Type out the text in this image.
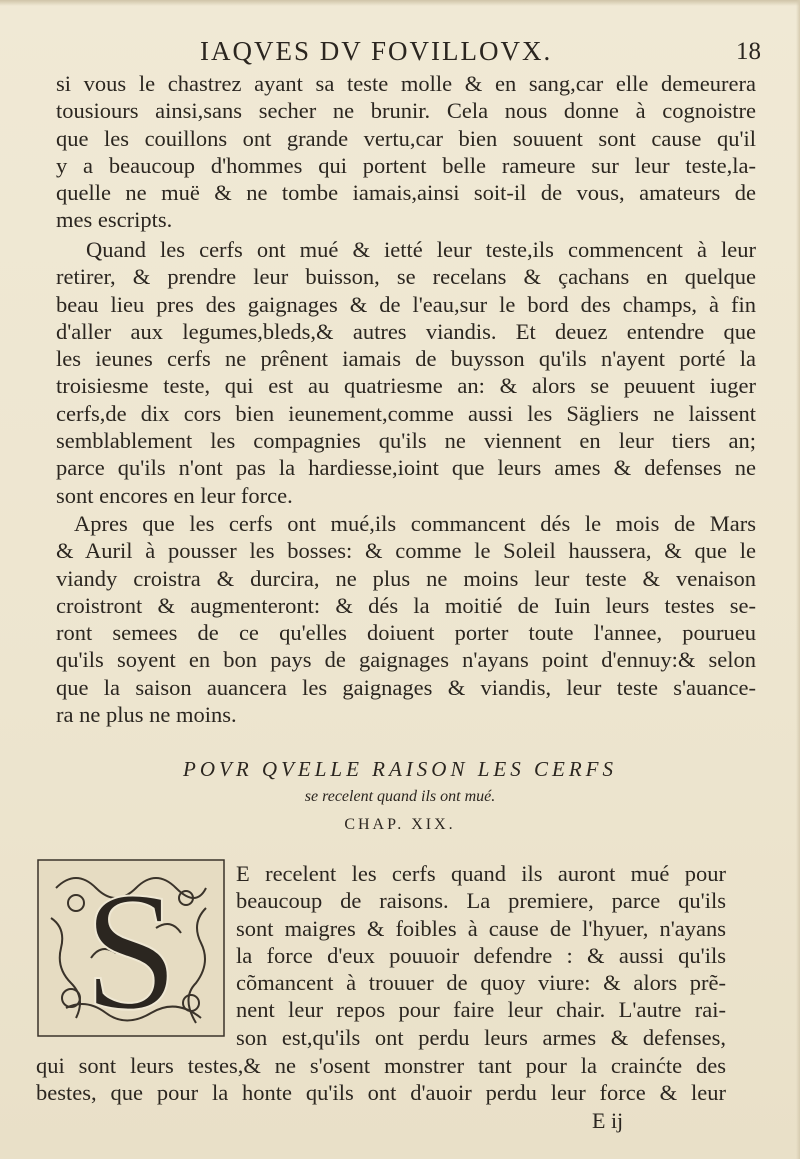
IAQVES DV FOVILLOVX.	18
si vous le chastrez ayant sa teste molle & en sang,car elle demeurera
tousiours ainsi,sans secher ne brunir. Cela nous donne à cognoistre
que les couillons ont grande vertu,car bien souuent sont cause qu'il
y a beaucoup d'hommes qui portent belle rameure sur leur teste,la-
quelle ne muë & ne tombe iamais,ainsi soit-il de vous, amateurs de
mes escripts.
Quand les cerfs ont mué & ietté leur teste,ils commencent à leur
retirer, & prendre leur buisson, se recelans & çachans en quelque
beau lieu pres des gaignages & de l'eau,sur le bord des champs, à fin
d'aller aux legumes,bleds,& autres viandis. Et deuez entendre que
les ieunes cerfs ne prênent iamais de buysson qu'ils n'ayent porté la
troisiesme teste, qui est au quatriesme an: & alors se peuuent iuger
cerfs,de dix cors bien ieunement,comme aussi les Sägliers ne laissent
semblablement les compagnies qu'ils ne viennent en leur tiers an;
parce qu'ils n'ont pas la hardiesse,ioint que leurs ames & defenses ne
sont encores en leur force.
Apres que les cerfs ont mué,ils commancent dés le mois de Mars
& Auril à pousser les bosses: & comme le Soleil haussera, & que le
viandy croistra & durcira, ne plus ne moins leur teste & venaison
croistront & augmenteront: & dés la moitié de Iuin leurs testes se-
ront semees de ce qu'elles doiuent porter toute l'annee, pourueu
qu'ils soyent en bon pays de gaignages n'ayans point d'ennuy:& selon
que la saison auancera les gaignages & viandis, leur teste s'auance-
ra ne plus ne moins.
POVR QVELLE RAISON LES CERFS
se recelent quand ils ont mué.
CHAP. XIX.
S	E recelent les cerfs quand ils auront mué pour
beaucoup de raisons. La premiere, parce qu'ils
sont maigres & foibles à cause de l'hyuer, n'ayans
la force d'eux pouuoir defendre : & aussi qu'ils
cõmancent à trouuer de quoy viure: & alors prẽ-
nent leur repos pour faire leur chair. L'autre rai-
son est,qu'ils ont perdu leurs armes & defenses,
qui sont leurs testes,& ne s'osent monstrer tant pour la crainćte des
bestes, que pour la honte qu'ils ont d'auoir perdu leur force & leur
E ij
